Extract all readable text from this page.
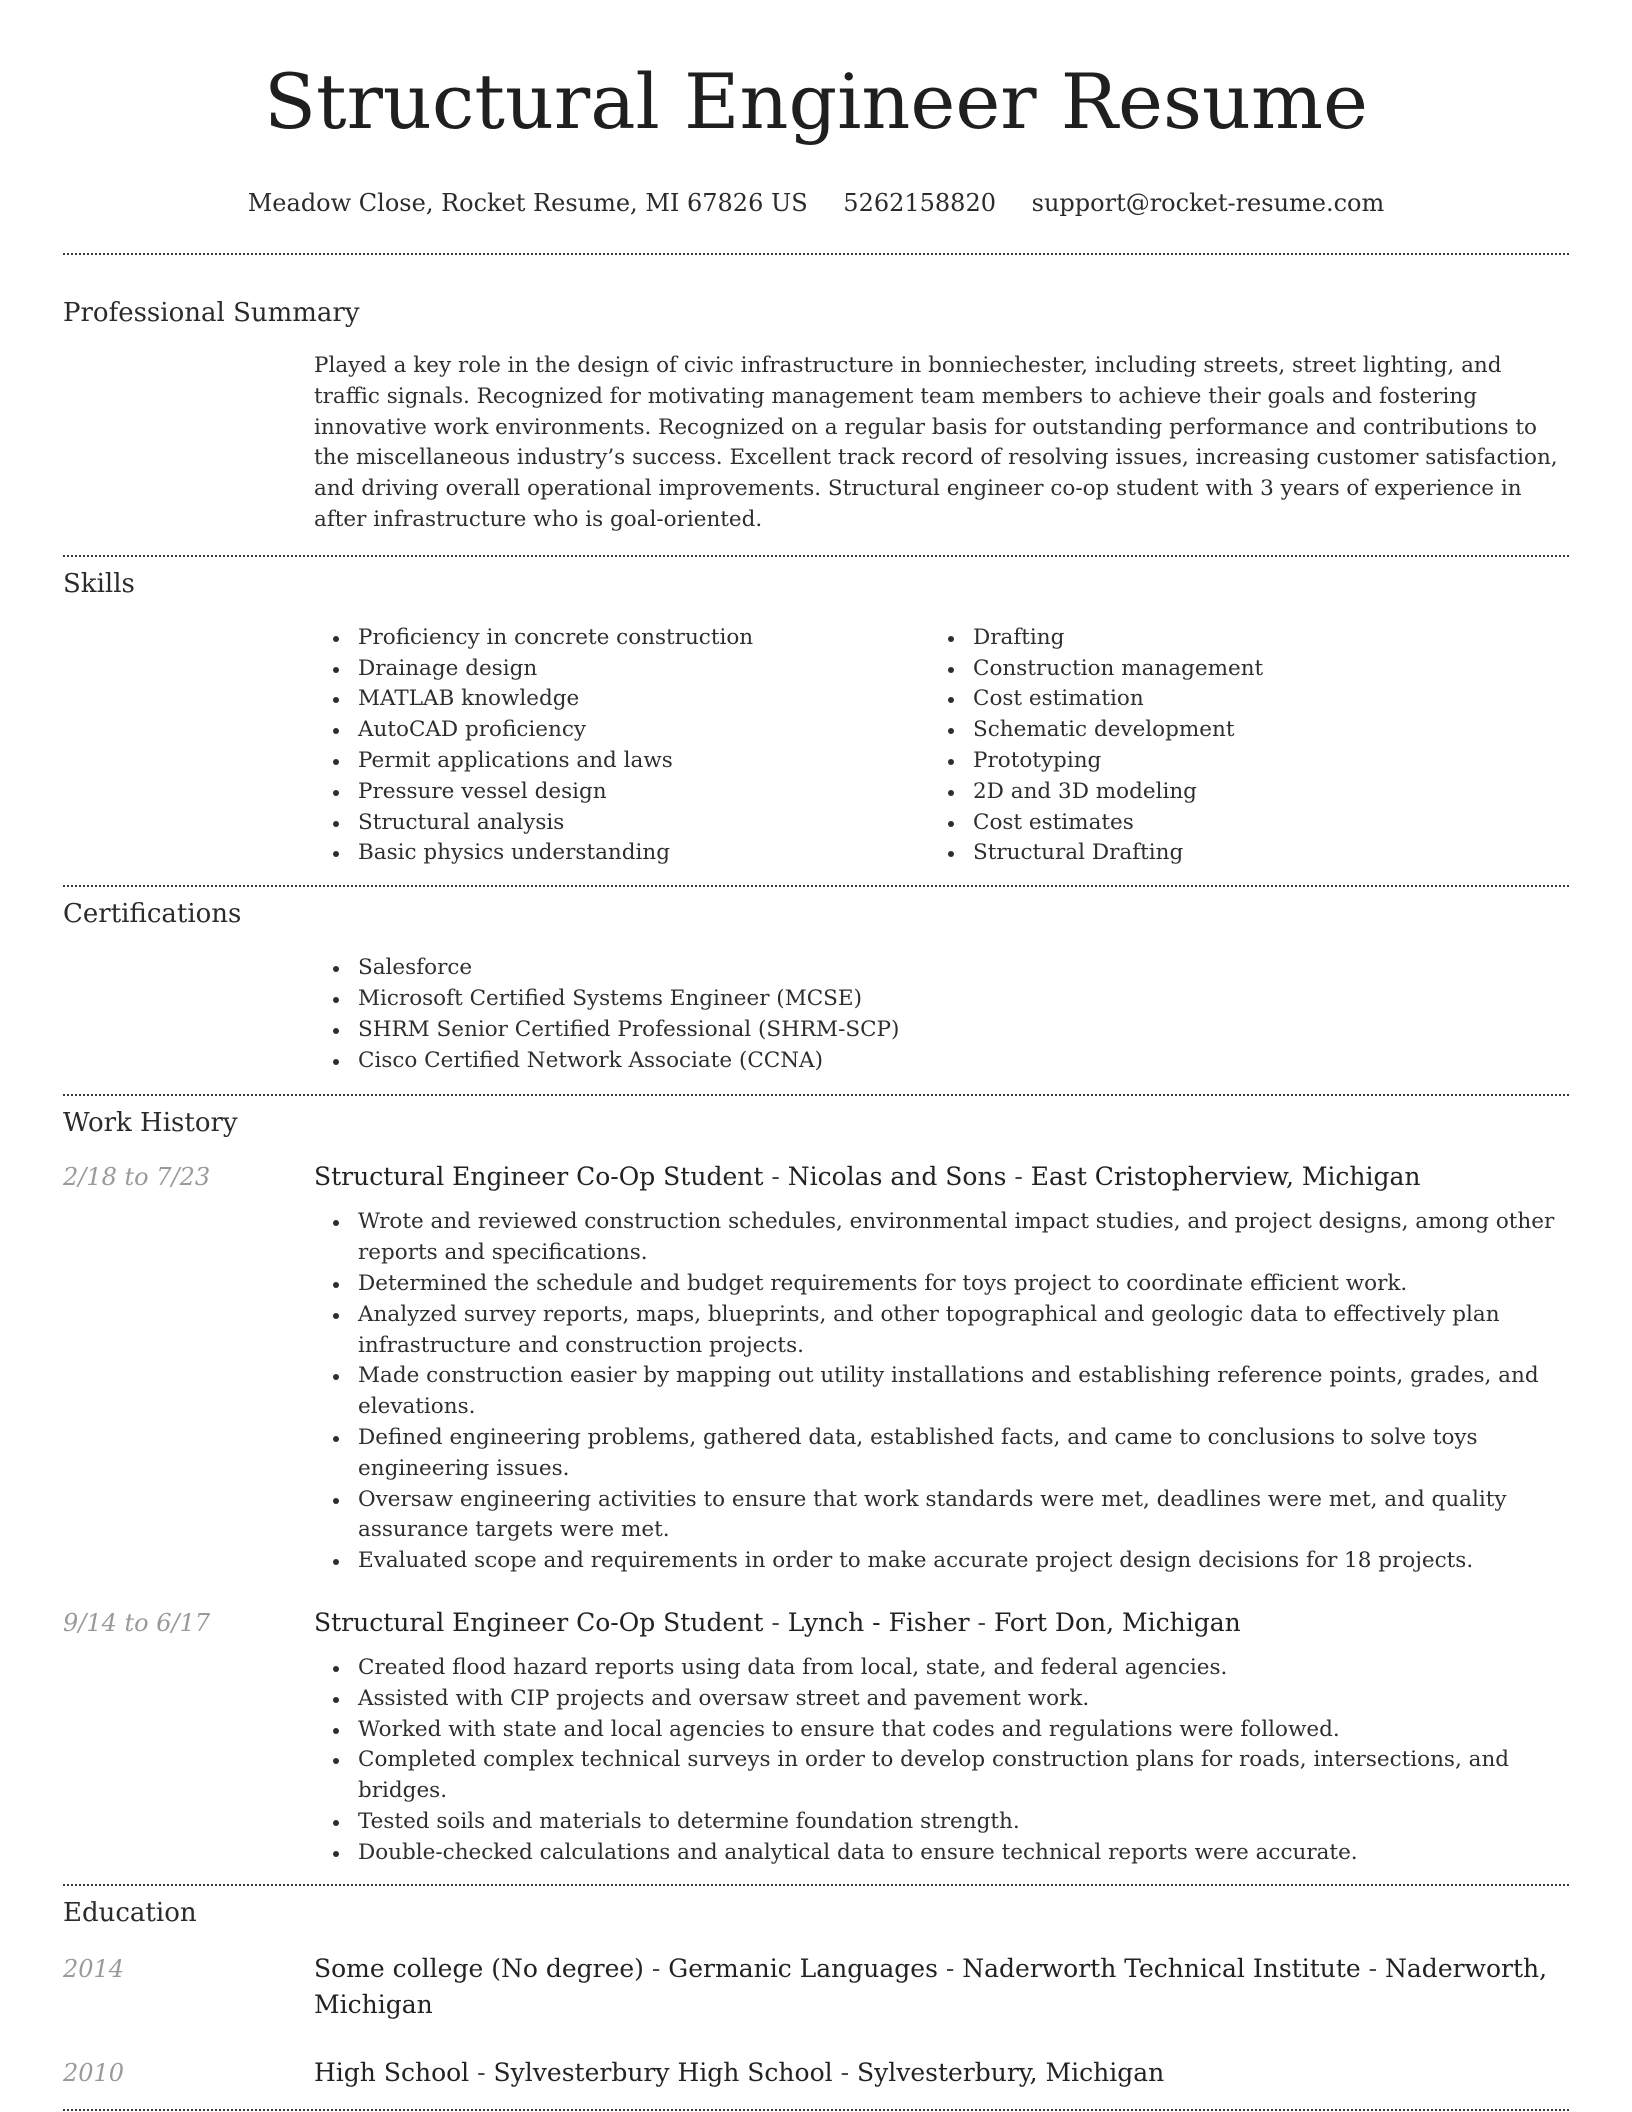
Structural Engineer Resume
Meadow Close, Rocket Resume, MI 67826 US 5262158820 support@rocket-resume.com
Professional Summary
Played a key role in the design of civic infrastructure in bonniechester, including streets, street lighting, and traffic signals. Recognized for motivating management team members to achieve their goals and fostering innovative work environments. Recognized on a regular basis for outstanding performance and contributions to the miscellaneous industry’s success. Excellent track record of resolving issues, increasing customer satisfaction, and driving overall operational improvements. Structural engineer co-op student with 3 years of experience in after infrastructure who is goal-oriented.
Skills
Proficiency in concrete construction
Drainage design
MATLAB knowledge
AutoCAD proficiency
Permit applications and laws
Pressure vessel design
Structural analysis
Basic physics understanding
Drafting
Construction management
Cost estimation
Schematic development
Prototyping
2D and 3D modeling
Cost estimates
Structural Drafting
Certifications
Salesforce
Microsoft Certified Systems Engineer (MCSE)
SHRM Senior Certified Professional (SHRM-SCP)
Cisco Certified Network Associate (CCNA)
Work History
2/18 to 7/23	Structural Engineer Co-Op Student - Nicolas and Sons - East Cristopherview, Michigan
Wrote and reviewed construction schedules, environmental impact studies, and project designs, among other reports and specifications.
Determined the schedule and budget requirements for toys project to coordinate efficient work.
Analyzed survey reports, maps, blueprints, and other topographical and geologic data to effectively plan infrastructure and construction projects.
Made construction easier by mapping out utility installations and establishing reference points, grades, and elevations.
Defined engineering problems, gathered data, established facts, and came to conclusions to solve toys engineering issues.
Oversaw engineering activities to ensure that work standards were met, deadlines were met, and quality assurance targets were met.
Evaluated scope and requirements in order to make accurate project design decisions for 18 projects.
9/14 to 6/17	Structural Engineer Co-Op Student - Lynch - Fisher - Fort Don, Michigan
Created flood hazard reports using data from local, state, and federal agencies.
Assisted with CIP projects and oversaw street and pavement work.
Worked with state and local agencies to ensure that codes and regulations were followed.
Completed complex technical surveys in order to develop construction plans for roads, intersections, and bridges.
Tested soils and materials to determine foundation strength.
Double-checked calculations and analytical data to ensure technical reports were accurate.
Education
2014	Some college (No degree) - Germanic Languages - Naderworth Technical Institute - Naderworth, Michigan
2010	High School - Sylvesterbury High School - Sylvesterbury, Michigan
